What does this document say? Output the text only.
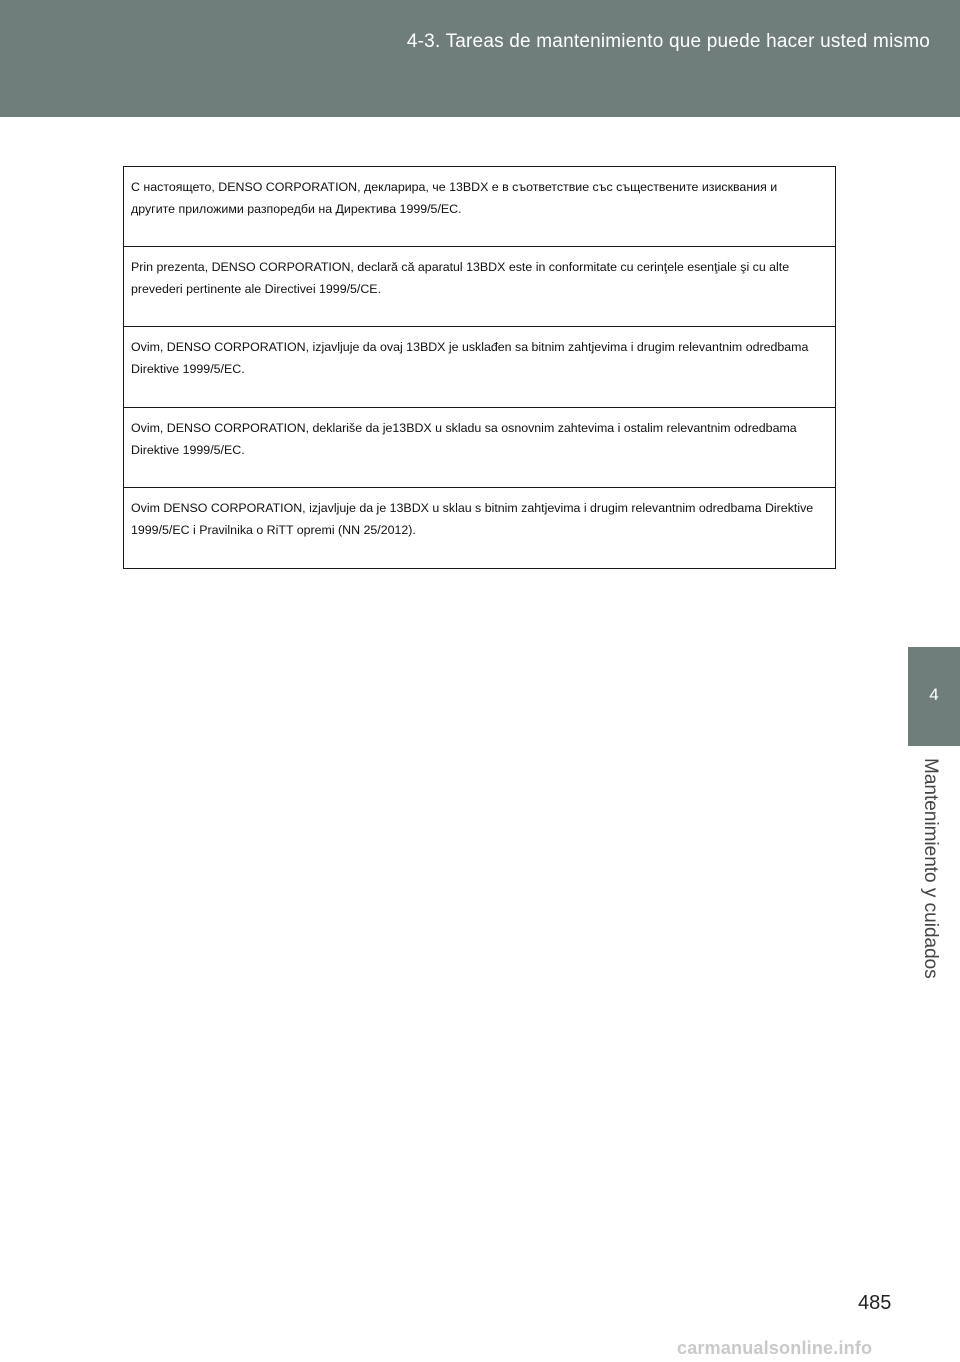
4-3. Tareas de mantenimiento que puede hacer usted mismo
С настоящето, DENSO CORPORATION, декларира, че 13BDX е в съответствие със съществените изисквания и другите приложими разпоредби на Директива 1999/5/EC.
Prin prezenta, DENSO CORPORATION, declară că aparatul 13BDX este in conformitate cu cerinţele esenţiale şi cu alte prevederi pertinente ale Directivei 1999/5/CE.
Ovim, DENSO CORPORATION, izjavljuje da ovaj 13BDX je usklađen sa bitnim zahtjevima i drugim relevantnim odredbama Direktive 1999/5/EC.
Ovim, DENSO CORPORATION, deklariše da je13BDX u skladu sa osnovnim zahtevima i ostalim relevantnim odredbama Direktive 1999/5/EC.
Ovim DENSO CORPORATION, izjavljuje da je 13BDX u sklau s bitnim zahtjevima i drugim relevantnim odredbama Direktive 1999/5/EC i Pravilnika o RiTT opremi (NN 25/2012).
4
Mantenimiento y cuidados
485
carmanualsonline.info
